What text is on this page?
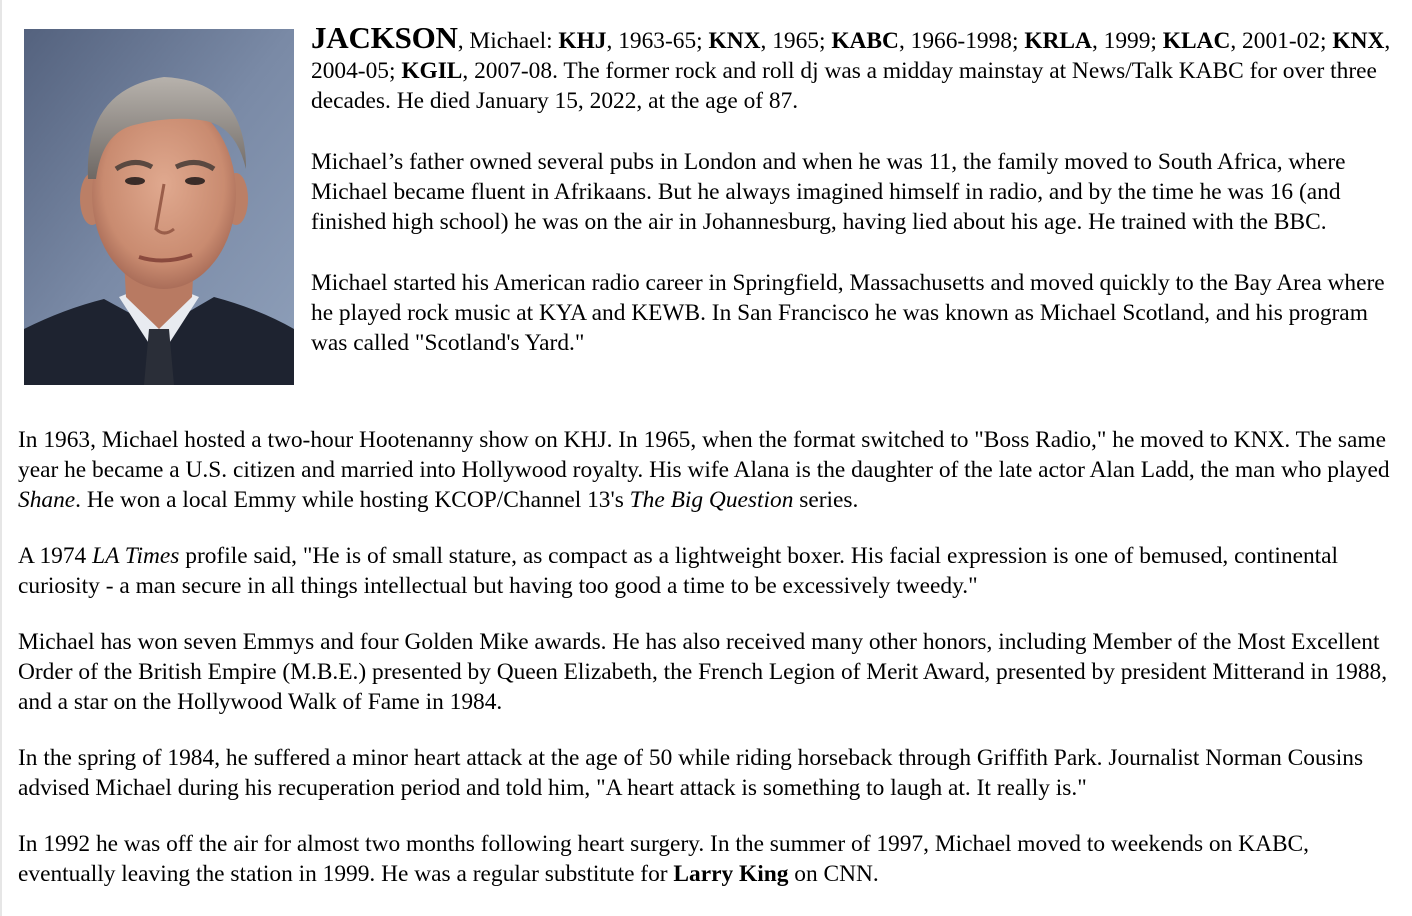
JACKSON, Michael: KHJ, 1963-65; KNX, 1965; KABC, 1966-1998; KRLA, 1999; KLAC, 2001-02; KNX, 2004-05; KGIL, 2007-08. The former rock and roll dj was a midday mainstay at News/Talk KABC for over three decades. He died January 15, 2022, at the age of 87.

Michael’s father owned several pubs in London and when he was 11, the family moved to South Africa, where Michael became fluent in Afrikaans. But he always imagined himself in radio, and by the time he was 16 (and finished high school) he was on the air in Johannesburg, having lied about his age. He trained with the BBC.

Michael started his American radio career in Springfield, Massachusetts and moved quickly to the Bay Area where he played rock music at KYA and KEWB. In San Francisco he was known as Michael Scotland, and his program was called "Scotland's Yard."

In 1963, Michael hosted a two-hour Hootenanny show on KHJ. In 1965, when the format switched to "Boss Radio," he moved to KNX. The same year he became a U.S. citizen and married into Hollywood royalty. His wife Alana is the daughter of the late actor Alan Ladd, the man who played Shane. He won a local Emmy while hosting KCOP/Channel 13's The Big Question series.

A 1974 LA Times profile said, "He is of small stature, as compact as a lightweight boxer. His facial expression is one of bemused, continental curiosity - a man secure in all things intellectual but having too good a time to be excessively tweedy."

Michael has won seven Emmys and four Golden Mike awards. He has also received many other honors, including Member of the Most Excellent Order of the British Empire (M.B.E.) presented by Queen Elizabeth, the French Legion of Merit Award, presented by president Mitterand in 1988, and a star on the Hollywood Walk of Fame in 1984.

In the spring of 1984, he suffered a minor heart attack at the age of 50 while riding horseback through Griffith Park. Journalist Norman Cousins advised Michael during his recuperation period and told him, "A heart attack is something to laugh at. It really is."

In 1992 he was off the air for almost two months following heart surgery. In the summer of 1997, Michael moved to weekends on KABC, eventually leaving the station in 1999. He was a regular substitute for Larry King on CNN.
